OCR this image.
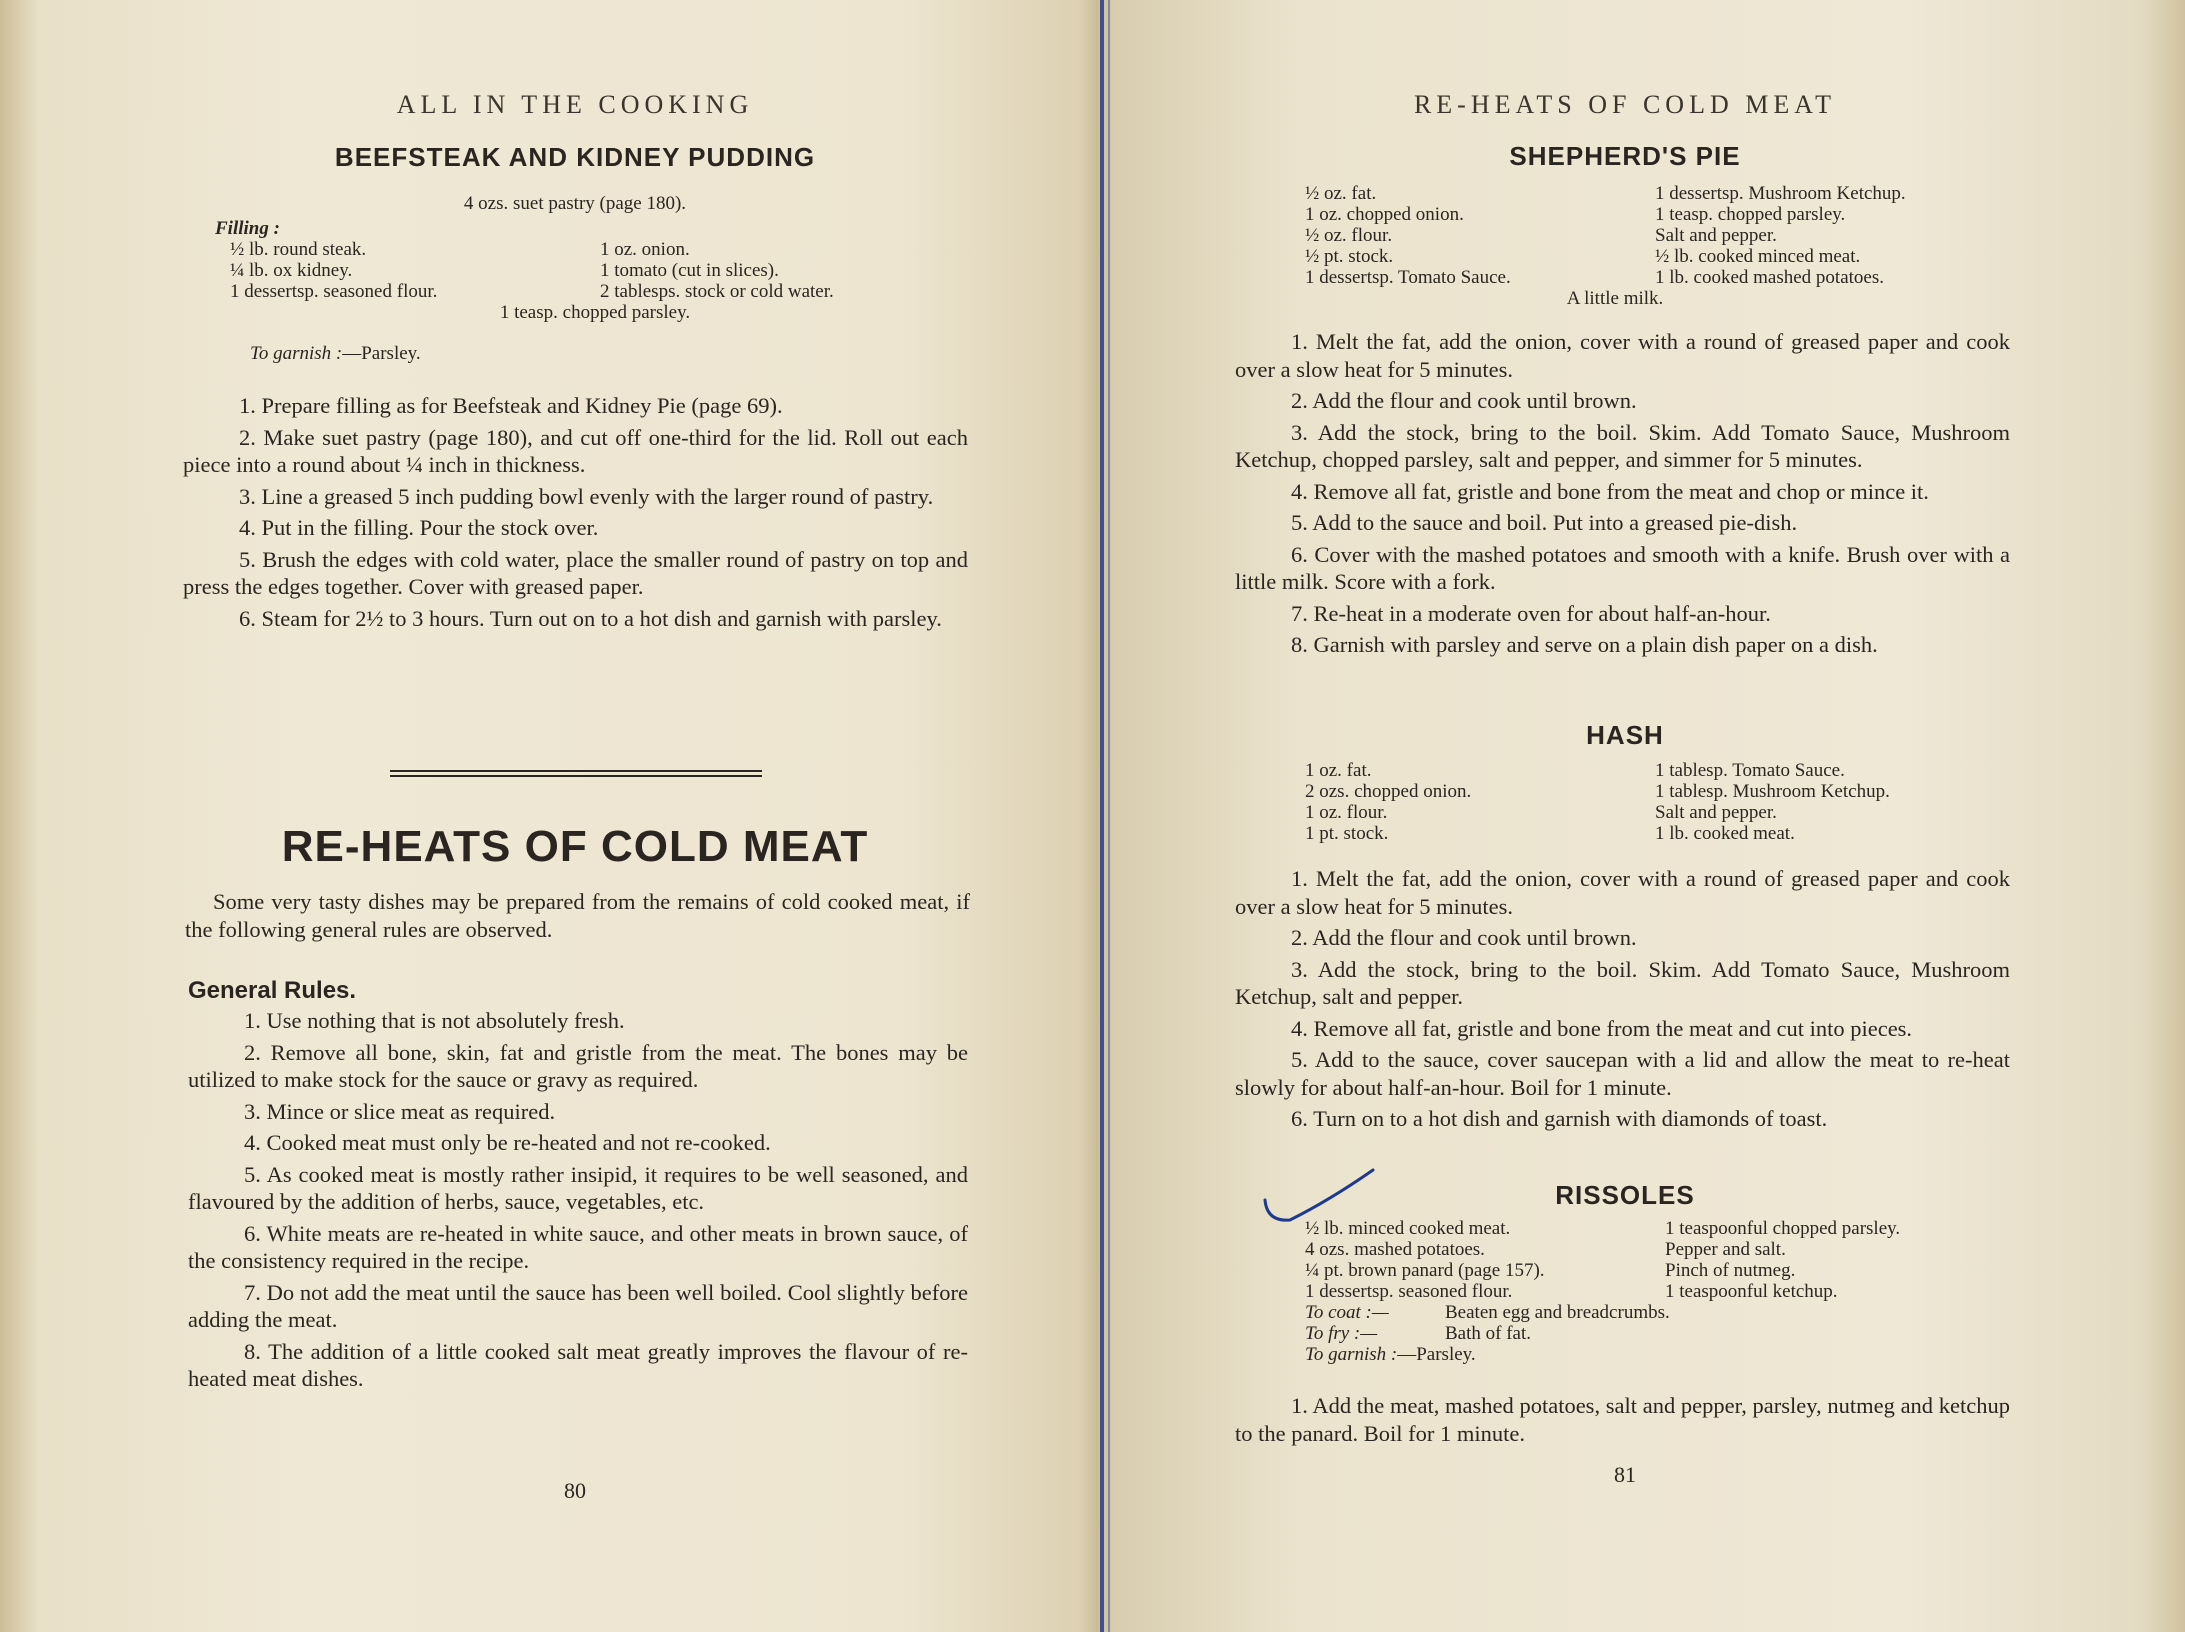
ALL IN THE COOKING
BEEFSTEAK AND KIDNEY PUDDING
4 ozs. suet pastry (page 180).
Filling :
½ lb. round steak.
¼ lb. ox kidney.
1 dessertsp. seasoned flour.
1 oz. onion.
1 tomato (cut in slices).
2 tablesps. stock or cold water.
1 teasp. chopped parsley.
To garnish :—Parsley.

1. Prepare filling as for Beefsteak and Kidney Pie (page 69).

2. Make suet pastry (page 180), and cut off one-third for the lid. Roll out each piece into a round about ¼ inch in thickness.

3. Line a greased 5 inch pudding bowl evenly with the larger round of pastry.

4. Put in the filling. Pour the stock over.

5. Brush the edges with cold water, place the smaller round of pastry on top and press the edges together. Cover with greased paper.

6. Steam for 2½ to 3 hours. Turn out on to a hot dish and garnish with parsley.

RE-HEATS OF COLD MEAT
Some very tasty dishes may be prepared from the remains of cold cooked meat, if the following general rules are observed.
General Rules.

1. Use nothing that is not absolutely fresh.

2. Remove all bone, skin, fat and gristle from the meat. The bones may be utilized to make stock for the sauce or gravy as required.

3. Mince or slice meat as required.

4. Cooked meat must only be re-heated and not re-cooked.

5. As cooked meat is mostly rather insipid, it requires to be well seasoned, and flavoured by the addition of herbs, sauce, vegetables, etc.

6. White meats are re-heated in white sauce, and other meats in brown sauce, of the consistency required in the recipe.

7. Do not add the meat until the sauce has been well boiled. Cool slightly before adding the meat.

8. The addition of a little cooked salt meat greatly improves the flavour of re-heated meat dishes.

80
RE-HEATS OF COLD MEAT
SHEPHERD'S PIE
½ oz. fat.
1 oz. chopped onion.
½ oz. flour.
½ pt. stock.
1 dessertsp. Tomato Sauce.
1 dessertsp. Mushroom Ketchup.
1 teasp. chopped parsley.
Salt and pepper.
½ lb. cooked minced meat.
1 lb. cooked mashed potatoes.
A little milk.

1. Melt the fat, add the onion, cover with a round of greased paper and cook over a slow heat for 5 minutes.

2. Add the flour and cook until brown.

3. Add the stock, bring to the boil. Skim. Add Tomato Sauce, Mushroom Ketchup, chopped parsley, salt and pepper, and simmer for 5 minutes.

4. Remove all fat, gristle and bone from the meat and chop or mince it.

5. Add to the sauce and boil. Put into a greased pie-dish.

6. Cover with the mashed potatoes and smooth with a knife. Brush over with a little milk. Score with a fork.

7. Re-heat in a moderate oven for about half-an-hour.

8. Garnish with parsley and serve on a plain dish paper on a dish.

HASH
1 oz. fat.
2 ozs. chopped onion.
1 oz. flour.
1 pt. stock.
1 tablesp. Tomato Sauce.
1 tablesp. Mushroom Ketchup.
Salt and pepper.
1 lb. cooked meat.

1. Melt the fat, add the onion, cover with a round of greased paper and cook over a slow heat for 5 minutes.

2. Add the flour and cook until brown.

3. Add the stock, bring to the boil. Skim. Add Tomato Sauce, Mushroom Ketchup, salt and pepper.

4. Remove all fat, gristle and bone from the meat and cut into pieces.

5. Add to the sauce, cover saucepan with a lid and allow the meat to re-heat slowly for about half-an-hour. Boil for 1 minute.

6. Turn on to a hot dish and garnish with diamonds of toast.

RISSOLES
½ lb. minced cooked meat.
4 ozs. mashed potatoes.
¼ pt. brown panard (page 157).
1 dessertsp. seasoned flour.
1 teaspoonful chopped parsley.
Pepper and salt.
Pinch of nutmeg.
1 teaspoonful ketchup.
To coat :—	Beaten egg and breadcrumbs.
To fry :—	Bath of fat.
To garnish :—Parsley.

1. Add the meat, mashed potatoes, salt and pepper, parsley, nutmeg and ketchup to the panard. Boil for 1 minute.

81
